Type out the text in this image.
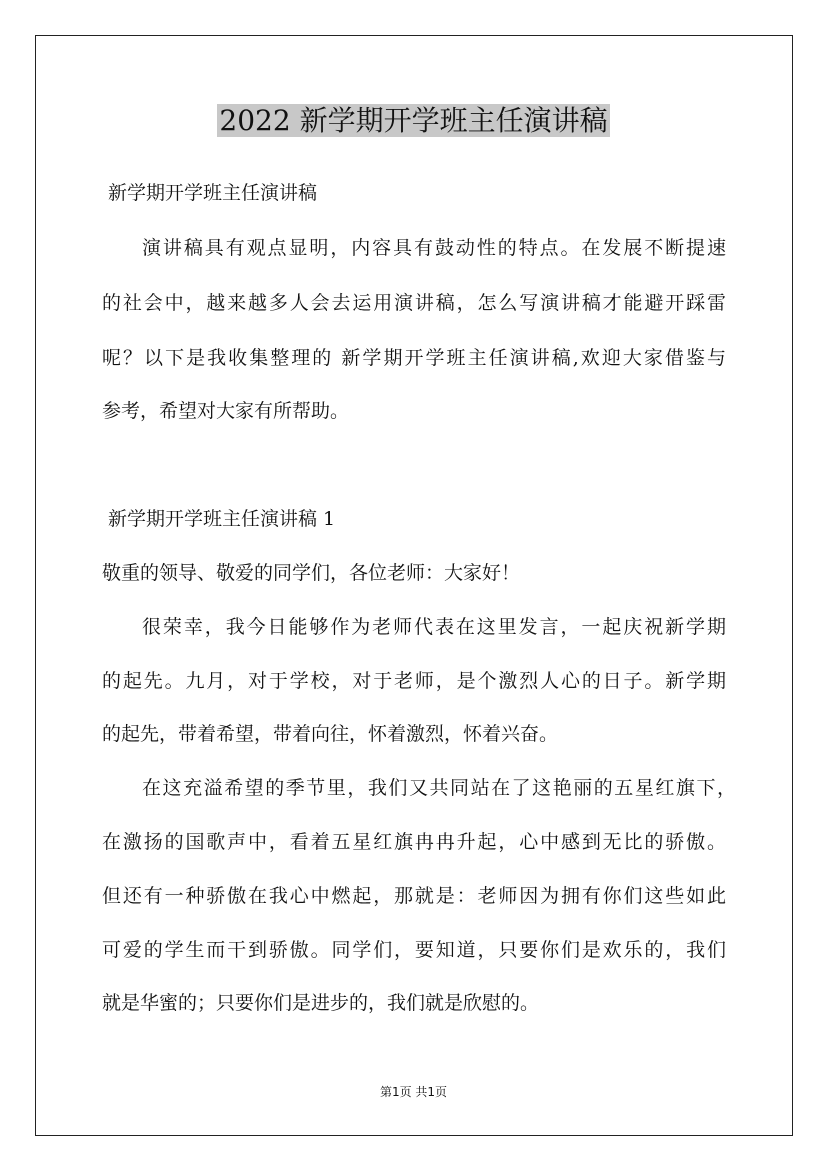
2022 新学期开学班主任演讲稿
新学期开学班主任演讲稿
演讲稿具有观点显明，内容具有鼓动性的特点。在发展不断提速
的社会中，越来越多人会去运用演讲稿，怎么写演讲稿才能避开踩雷
呢？以下是我收集整理的 新学期开学班主任演讲稿,欢迎大家借鉴与
参考，希望对大家有所帮助。
新学期开学班主任演讲稿 1
敬重的领导、敬爱的同学们，各位老师：大家好！
很荣幸，我今日能够作为老师代表在这里发言，一起庆祝新学期
的起先。九月，对于学校，对于老师，是个激烈人心的日子。新学期
的起先，带着希望，带着向往，怀着激烈，怀着兴奋。
在这充溢希望的季节里，我们又共同站在了这艳丽的五星红旗下，
在激扬的国歌声中，看着五星红旗冉冉升起，心中感到无比的骄傲。
但还有一种骄傲在我心中燃起，那就是：老师因为拥有你们这些如此
可爱的学生而干到骄傲。同学们，要知道，只要你们是欢乐的，我们
就是华蜜的；只要你们是进步的，我们就是欣慰的。
第1页 共1页
